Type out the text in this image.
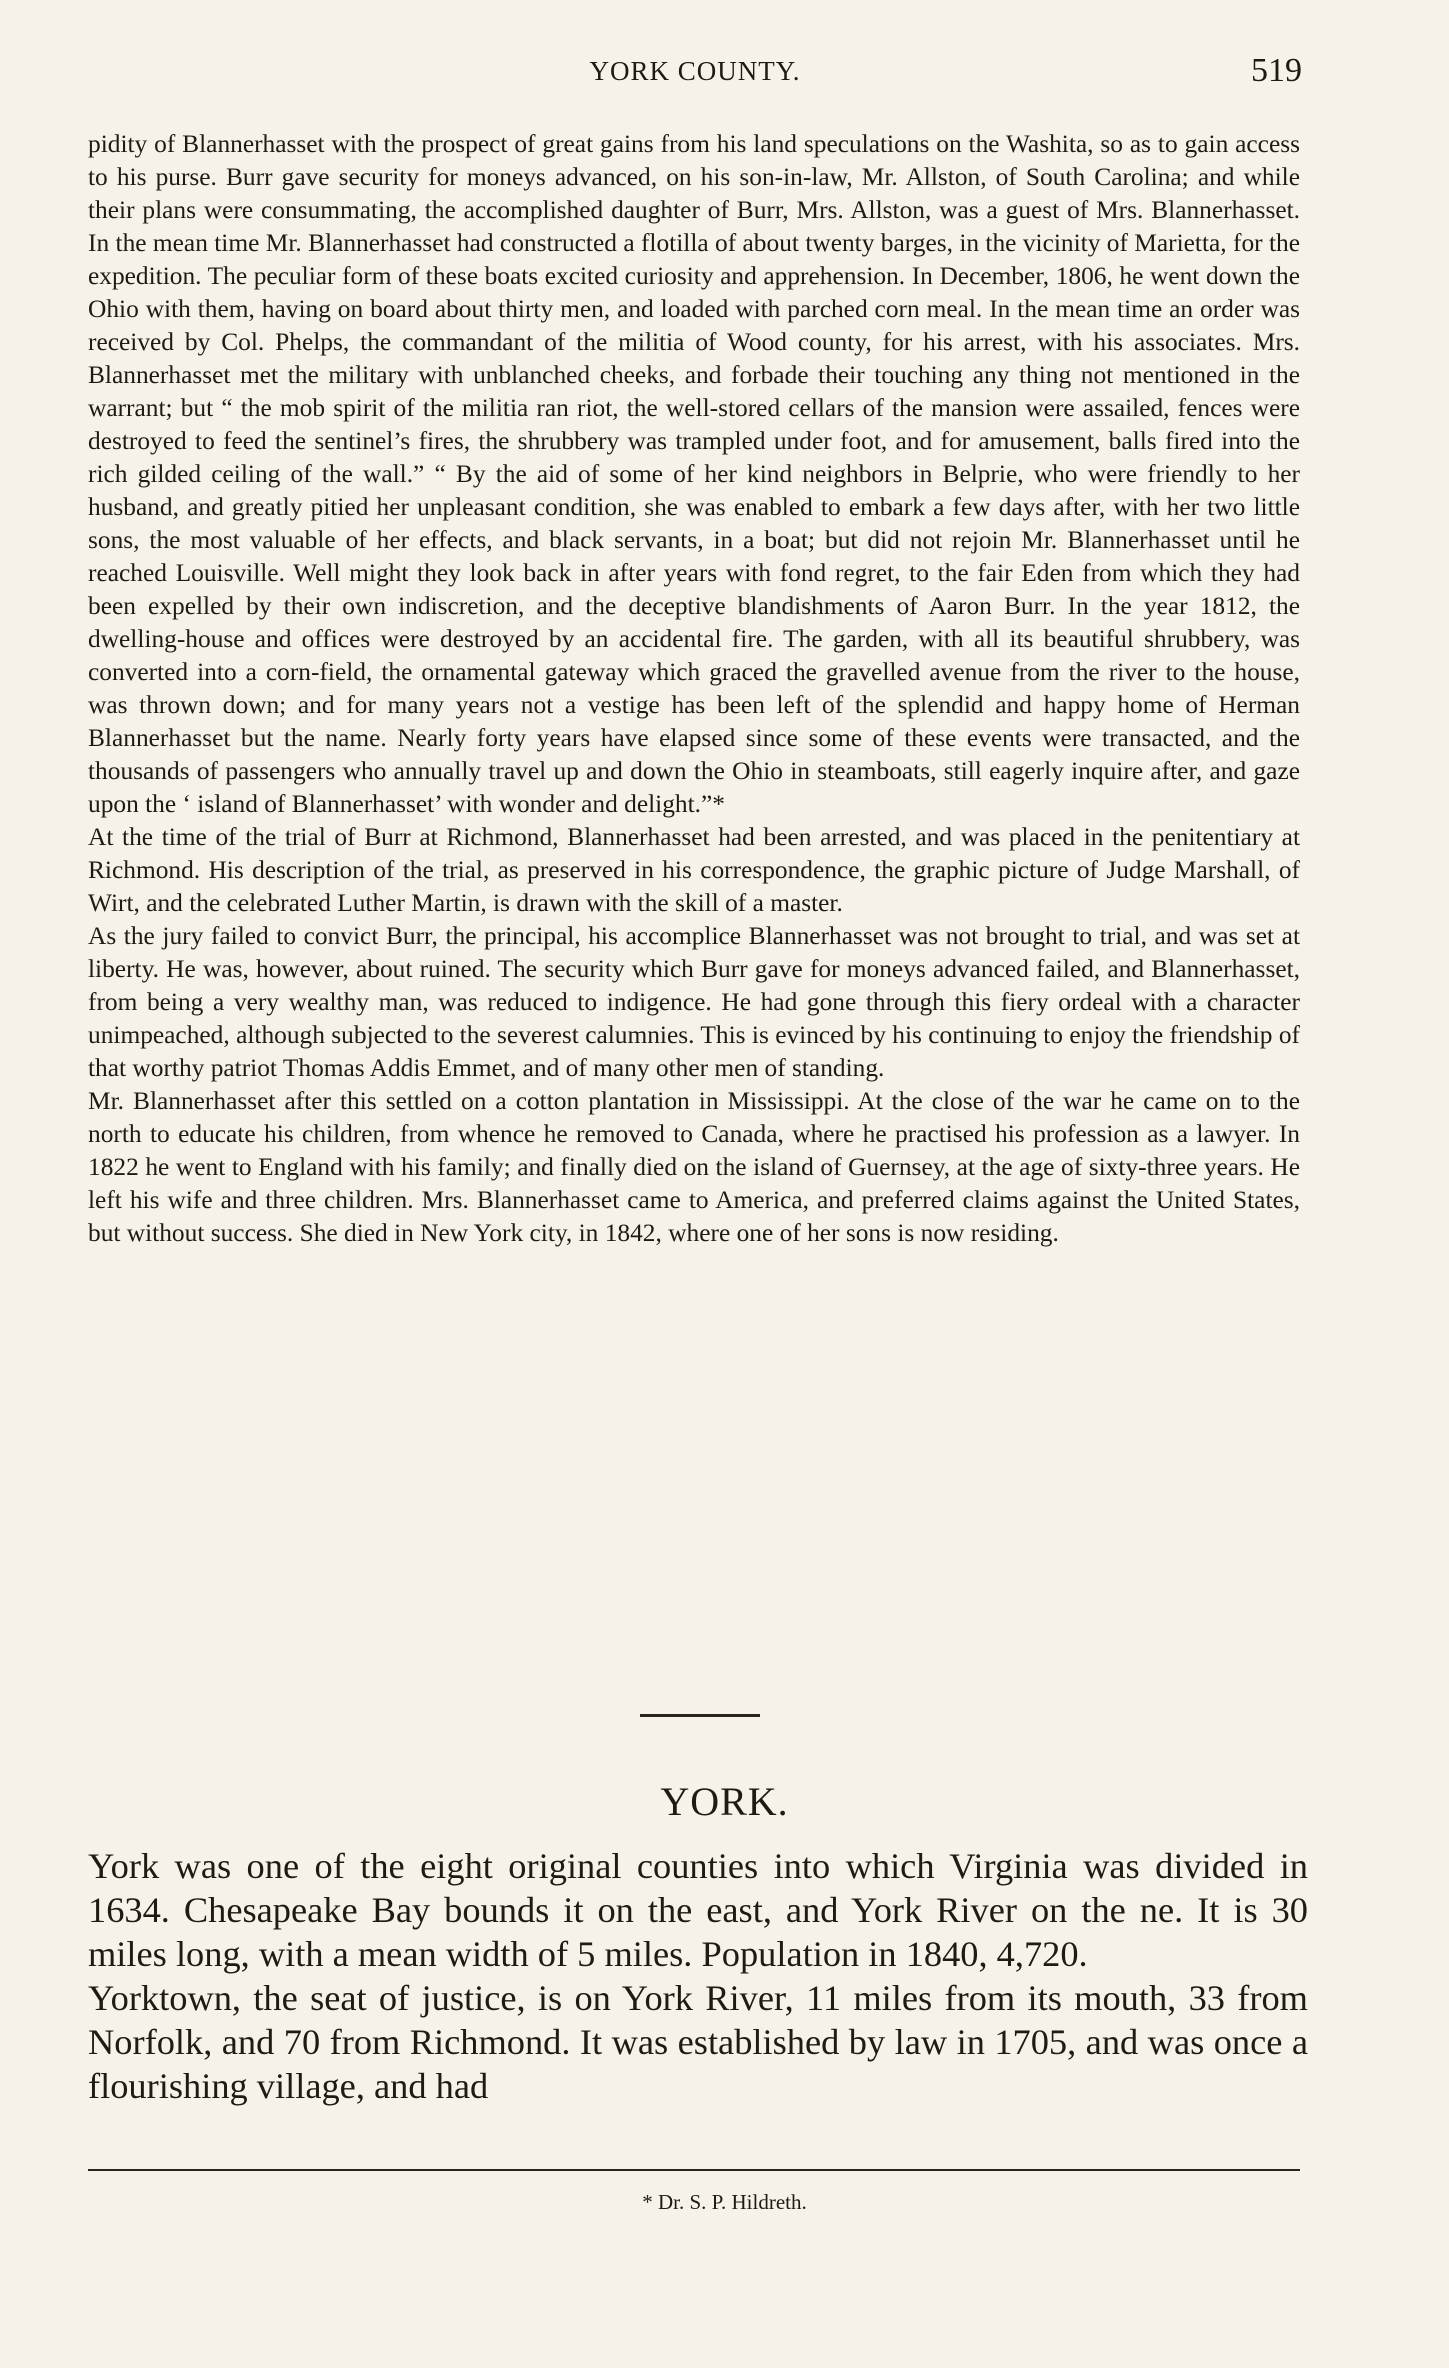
YORK COUNTY.	519

pidity of Blannerhasset with the prospect of great gains from his land speculations on the Washita, so as to gain access to his purse. Burr gave security for moneys advanced, on his son-in-law, Mr. Allston, of South Carolina; and while their plans were consummating, the accomplished daughter of Burr, Mrs. Allston, was a guest of Mrs. Blannerhasset. In the mean time Mr. Blannerhasset had constructed a flotilla of about twenty barges, in the vicinity of Marietta, for the expedition. The peculiar form of these boats excited curiosity and apprehension. In December, 1806, he went down the Ohio with them, having on board about thirty men, and loaded with parched corn meal. In the mean time an order was received by Col. Phelps, the commandant of the militia of Wood county, for his arrest, with his associates. Mrs. Blannerhasset met the military with unblanched cheeks, and forbade their touching any thing not mentioned in the warrant; but “ the mob spirit of the militia ran riot, the well-stored cellars of the mansion were assailed, fences were destroyed to feed the sentinel’s fires, the shrubbery was trampled under foot, and for amusement, balls fired into the rich gilded ceiling of the wall.” “ By the aid of some of her kind neighbors in Belprie, who were friendly to her husband, and greatly pitied her unpleasant condition, she was enabled to embark a few days after, with her two little sons, the most valuable of her effects, and black servants, in a boat; but did not rejoin Mr. Blannerhasset until he reached Louisville. Well might they look back in after years with fond regret, to the fair Eden from which they had been expelled by their own indiscretion, and the deceptive blandishments of Aaron Burr. In the year 1812, the dwelling-house and offices were destroyed by an accidental fire. The garden, with all its beautiful shrubbery, was converted into a corn-field, the ornamental gateway which graced the gravelled avenue from the river to the house, was thrown down; and for many years not a vestige has been left of the splendid and happy home of Herman Blannerhasset but the name. Nearly forty years have elapsed since some of these events were transacted, and the thousands of passengers who annually travel up and down the Ohio in steamboats, still eagerly inquire after, and gaze upon the ‘ island of Blannerhasset’ with wonder and delight.”*

At the time of the trial of Burr at Richmond, Blannerhasset had been arrested, and was placed in the penitentiary at Richmond. His description of the trial, as preserved in his correspondence, the graphic picture of Judge Marshall, of Wirt, and the celebrated Luther Martin, is drawn with the skill of a master.

As the jury failed to convict Burr, the principal, his accomplice Blannerhasset was not brought to trial, and was set at liberty. He was, however, about ruined. The security which Burr gave for moneys advanced failed, and Blannerhasset, from being a very wealthy man, was reduced to indigence. He had gone through this fiery ordeal with a character unimpeached, although subjected to the severest calumnies. This is evinced by his continuing to enjoy the friendship of that worthy patriot Thomas Addis Emmet, and of many other men of standing.

Mr. Blannerhasset after this settled on a cotton plantation in Mississippi. At the close of the war he came on to the north to educate his children, from whence he removed to Canada, where he practised his profession as a lawyer. In 1822 he went to England with his family; and finally died on the island of Guernsey, at the age of sixty-three years. He left his wife and three children. Mrs. Blannerhasset came to America, and preferred claims against the United States, but without success. She died in New York city, in 1842, where one of her sons is now residing.

YORK.

York was one of the eight original counties into which Virginia was divided in 1634. Chesapeake Bay bounds it on the east, and York River on the ne. It is 30 miles long, with a mean width of 5 miles. Population in 1840, 4,720.

Yorktown, the seat of justice, is on York River, 11 miles from its mouth, 33 from Norfolk, and 70 from Richmond. It was established by law in 1705, and was once a flourishing village, and had

* Dr. S. P. Hildreth.
